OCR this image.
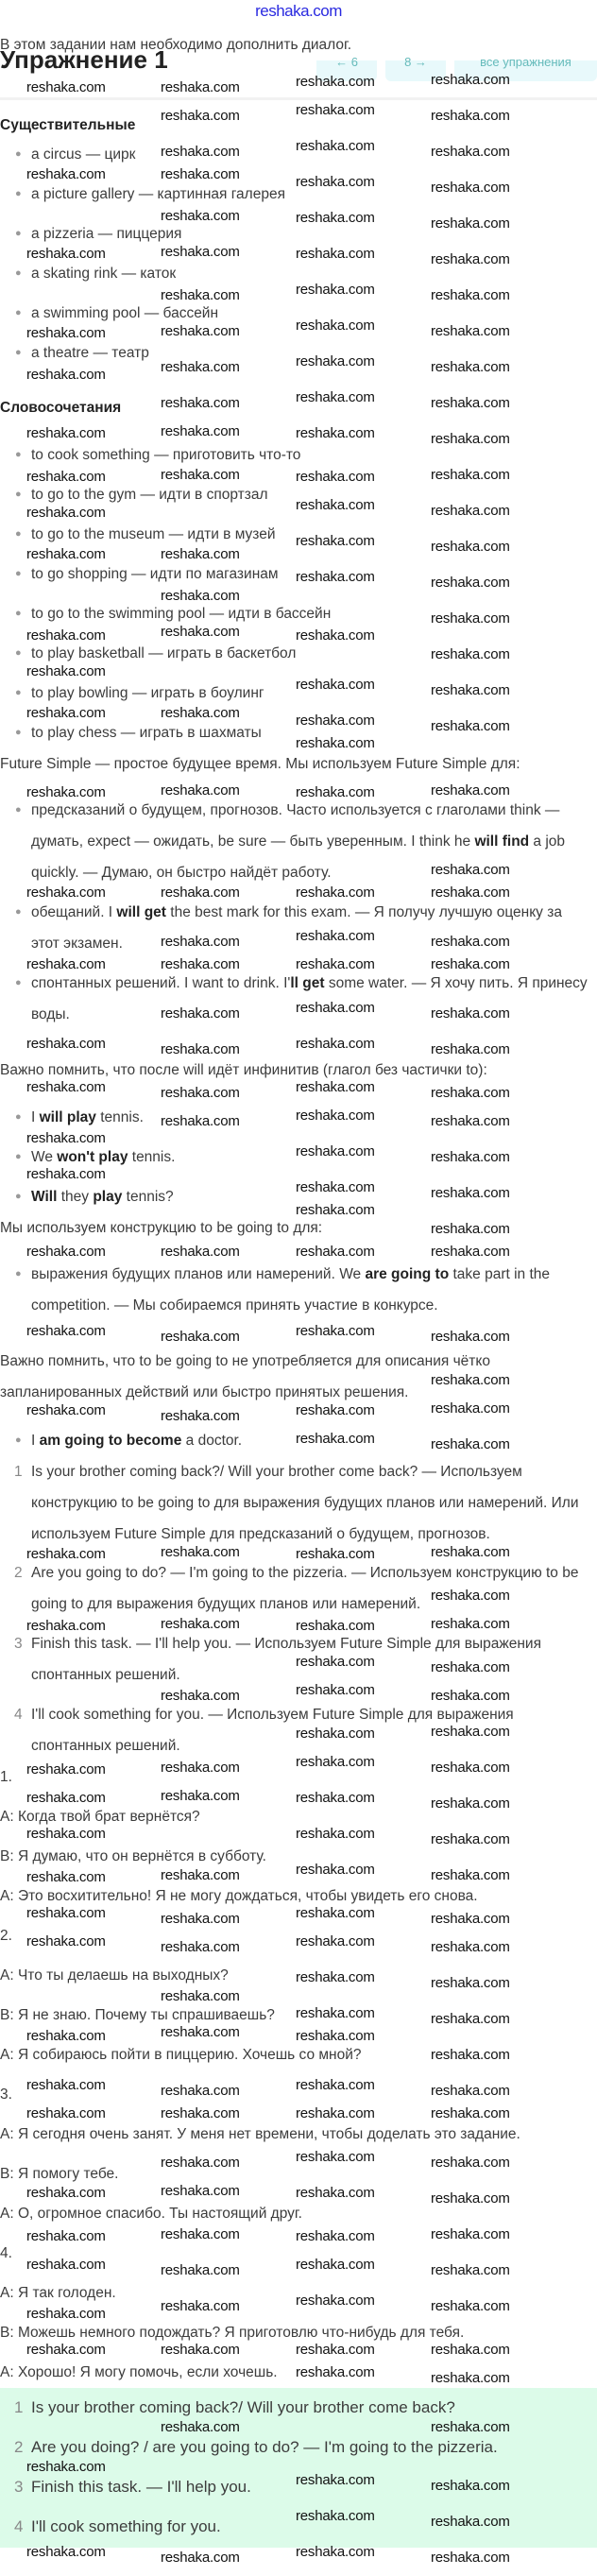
reshaka.com
В этом задании нам необходимо дополнить диалог.
Упражнение 1	← 6	8 →	все упражнения
Существительные
● a circus — цирк
● a picture gallery — картинная галерея
● a pizzeria — пиццерия
● a skating rink — каток
● a swimming pool — бассейн
● a theatre — театр
Словосочетания
● to cook something — приготовить что-то
● to go to the gym — идти в спортзал
● to go to the museum — идти в музей
● to go shopping — идти по магазинам
● to go to the swimming pool — идти в бассейн
● to play basketball — играть в баскетбол
● to play bowling — играть в боулинг
● to play chess — играть в шахматы
Future Simple — простое будущее время. Мы используем Future Simple для:
● предсказаний о будущем, прогнозов. Часто используется с глаголами think — думать, expect — ожидать, be sure — быть уверенным. I think he will find a job quickly. — Думаю, он быстро найдёт работу.
● обещаний. I will get the best mark for this exam. — Я получу лучшую оценку за этот экзамен.
● спонтанных решений. I want to drink. I'll get some water. — Я хочу пить. Я принесу воды.
Важно помнить, что после will идёт инфинитив (глагол без частички to):
● I will play tennis.
● We won't play tennis.
● Will they play tennis?
Мы используем конструкцию to be going to для:
● выражения будущих планов или намерений. We are going to take part in the competition. — Мы собираемся принять участие в конкурсе.
Важно помнить, что to be going to не употребляется для описания чётко запланированных действий или быстро принятых решения.
● I am going to become a doctor.
1 Is your brother coming back?/ Will your brother come back? — Используем конструкцию to be going to для выражения будущих планов или намерений. Или используем Future Simple для предсказаний о будущем, прогнозов.
2 Are you going to do? — I'm going to the pizzeria. — Используем конструкцию to be going to для выражения будущих планов или намерений.
3 Finish this task. — I'll help you. — Используем Future Simple для выражения спонтанных решений.
4 I'll cook something for you. — Используем Future Simple для выражения спонтанных решений.
1.
A: Когда твой брат вернётся?
B: Я думаю, что он вернётся в субботу.
A: Это восхитительно! Я не могу дождаться, чтобы увидеть его снова.
2.
A: Что ты делаешь на выходных?
B: Я не знаю. Почему ты спрашиваешь?
A: Я собираюсь пойти в пиццерию. Хочешь со мной?
3.
A: Я сегодня очень занят. У меня нет времени, чтобы доделать это задание.
B: Я помогу тебе.
A: О, огромное спасибо. Ты настоящий друг.
4.
A: Я так голоден.
B: Можешь немного подождать? Я приготовлю что-нибудь для тебя.
A: Хорошо! Я могу помочь, если хочешь.
1 Is your brother coming back?/ Will your brother come back?
2 Are you doing? / are you going to do? — I'm going to the pizzeria.
3 Finish this task. — I'll help you.
4 I'll cook something for you.
reshaka.com	reshaka.com	reshaka.com	reshaka.com
reshaka.com	reshaka.com	reshaka.com
reshaka.com	reshaka.com	reshaka.com
reshaka.com	reshaka.com	reshaka.com	reshaka.com
reshaka.com	reshaka.com	reshaka.com
reshaka.com	reshaka.com	reshaka.com	reshaka.com
reshaka.com	reshaka.com	reshaka.com
reshaka.com	reshaka.com	reshaka.com	reshaka.com
reshaka.com	reshaka.com	reshaka.com	reshaka.com
reshaka.com	reshaka.com	reshaka.com
reshaka.com	reshaka.com	reshaka.com	reshaka.com
reshaka.com	reshaka.com	reshaka.com	reshaka.com
reshaka.com	reshaka.com	reshaka.com
reshaka.com	reshaka.com
reshaka.com	reshaka.com
reshaka.com
reshaka.com	reshaka.com
reshaka.com
reshaka.com
reshaka.com	reshaka.com
reshaka.com
reshaka.com
reshaka.com	reshaka.com
reshaka.com	reshaka.com	reshaka.com	reshaka.com
reshaka.com
reshaka.com	reshaka.com	reshaka.com	reshaka.com
reshaka.com
reshaka.com	reshaka.com	reshaka.com	reshaka.com
reshaka.com	reshaka.com	reshaka.com
reshaka.com	reshaka.com	reshaka.com	reshaka.com
reshaka.com	reshaka.com	reshaka.com
reshaka.com	reshaka.com	reshaka.com	reshaka.com
reshaka.com	reshaka.com	reshaka.com	reshaka.com
reshaka.com	reshaka.com	reshaka.com
reshaka.com
reshaka.com	reshaka.com
reshaka.com
reshaka.com	reshaka.com
reshaka.com
reshaka.com
reshaka.com	reshaka.com	reshaka.com	reshaka.com
reshaka.com	reshaka.com	reshaka.com	reshaka.com
reshaka.com
reshaka.com	reshaka.com	reshaka.com	reshaka.com
reshaka.com	reshaka.com
reshaka.com	reshaka.com	reshaka.com	reshaka.com
reshaka.com
reshaka.com	reshaka.com	reshaka.com	reshaka.com
reshaka.com	reshaka.com
reshaka.com	reshaka.com	reshaka.com
reshaka.com	reshaka.com
reshaka.com	reshaka.com	reshaka.com	reshaka.com
reshaka.com	reshaka.com	reshaka.com	reshaka.com
reshaka.com	reshaka.com	reshaka.com
reshaka.com	reshaka.com	reshaka.com	reshaka.com
reshaka.com	reshaka.com	reshaka.com	reshaka.com
reshaka.com	reshaka.com	reshaka.com	reshaka.com
reshaka.com
reshaka.com	reshaka.com
reshaka.com
reshaka.com	reshaka.com
reshaka.com	reshaka.com
reshaka.com
reshaka.com	reshaka.com	reshaka.com	reshaka.com
reshaka.com	reshaka.com	reshaka.com	reshaka.com
reshaka.com	reshaka.com	reshaka.com
reshaka.com	reshaka.com	reshaka.com	reshaka.com
reshaka.com	reshaka.com	reshaka.com	reshaka.com
reshaka.com	reshaka.com	reshaka.com	reshaka.com
reshaka.com	reshaka.com	reshaka.com	reshaka.com
reshaka.com	reshaka.com	reshaka.com	reshaka.com
reshaka.com	reshaka.com
reshaka.com	reshaka.com
reshaka.com
reshaka.com	reshaka.com
reshaka.com	reshaka.com
reshaka.com	reshaka.com	reshaka.com	reshaka.com
